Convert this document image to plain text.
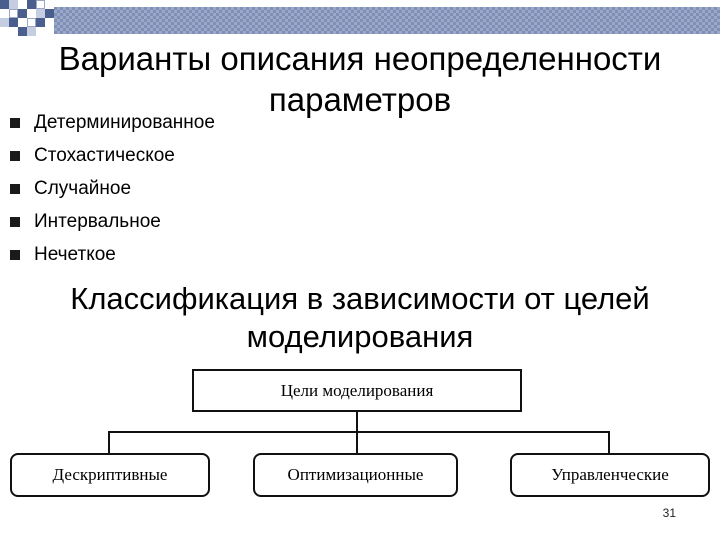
Варианты описания неопределенности параметров
Детерминированное
Стохастическое
Случайное
Интервальное
Нечеткое
Классификация в зависимости от целей моделирования
Цели моделирования
Дескриптивные	Оптимизационные	Управленческие
31
